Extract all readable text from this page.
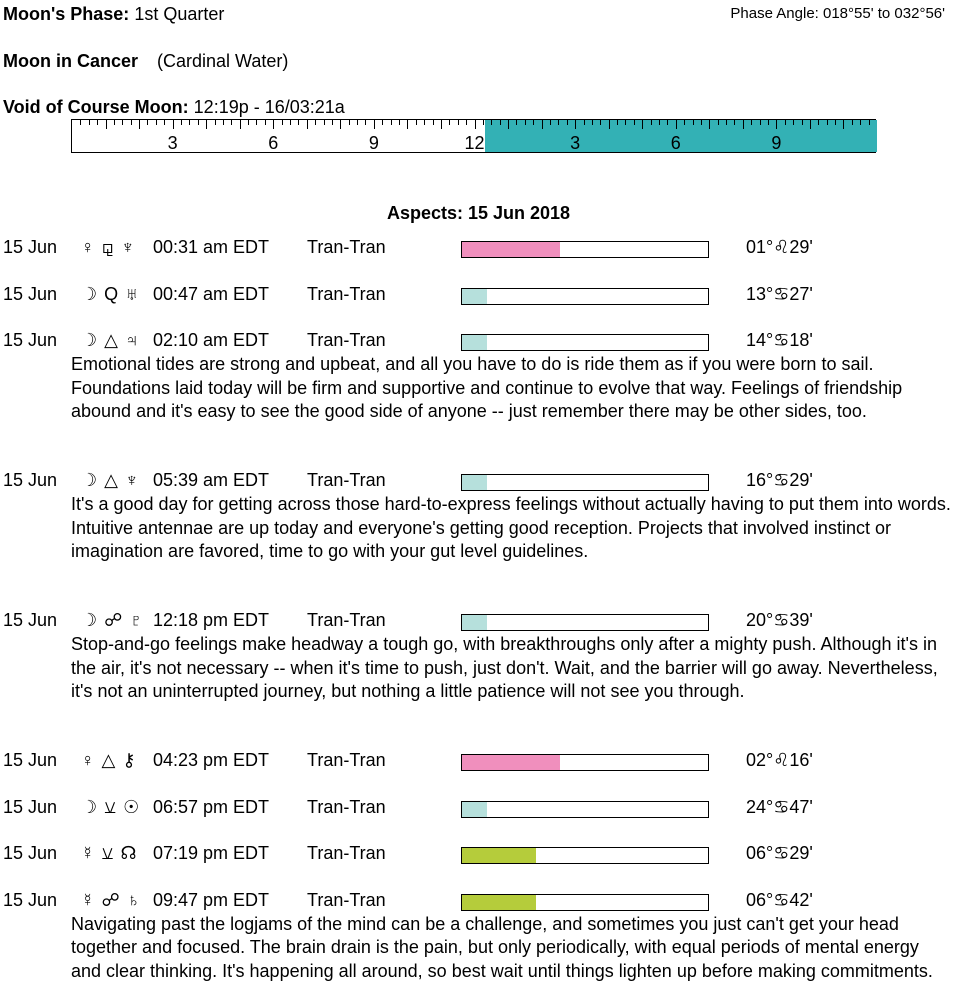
Moon's Phase: 1st Quarter	Phase Angle: 018°55' to 032°56'
Moon in Cancer (Cardinal Water)
Void of Course Moon: 12:19p - 16/03:21a
3	6	9	12	3	6	9
Aspects: 15 Jun 2018
15 Jun ♀ ⚼ ♆ 00:31 am EDT Tran-Tran	01°♌29'
15 Jun ☽ Q ♅ 00:47 am EDT Tran-Tran	13°♋27'
15 Jun ☽ △ ♃ 02:10 am EDT Tran-Tran	14°♋18'
Emotional tides are strong and upbeat, and all you have to do is ride them as if you were born to sail. Foundations laid today will be firm and supportive and continue to evolve that way. Feelings of friendship abound and it's easy to see the good side of anyone -- just remember there may be other sides, too.
15 Jun ☽ △ ♆ 05:39 am EDT Tran-Tran	16°♋29'
It's a good day for getting across those hard-to-express feelings without actually having to put them into words. Intuitive antennae are up today and everyone's getting good reception. Projects that involved instinct or imagination are favored, time to go with your gut level guidelines.
15 Jun ☽ ☍ ♇ 12:18 pm EDT Tran-Tran	20°♋39'
Stop-and-go feelings make headway a tough go, with breakthroughs only after a mighty push. Although it's in the air, it's not necessary -- when it's time to push, just don't. Wait, and the barrier will go away. Nevertheless, it's not an uninterrupted journey, but nothing a little patience will not see you through.
15 Jun ♀ △ ⚷ 04:23 pm EDT Tran-Tran	02°♌16'
15 Jun ☽ ⚺ ☉ 06:57 pm EDT Tran-Tran	24°♋47'
15 Jun ☿ ⚺ ☊ 07:19 pm EDT Tran-Tran	06°♋29'
15 Jun ☿ ☍ ♄ 09:47 pm EDT Tran-Tran	06°♋42'
Navigating past the logjams of the mind can be a challenge, and sometimes you just can't get your head together and focused. The brain drain is the pain, but only periodically, with equal periods of mental energy and clear thinking. It's happening all around, so best wait until things lighten up before making commitments.
